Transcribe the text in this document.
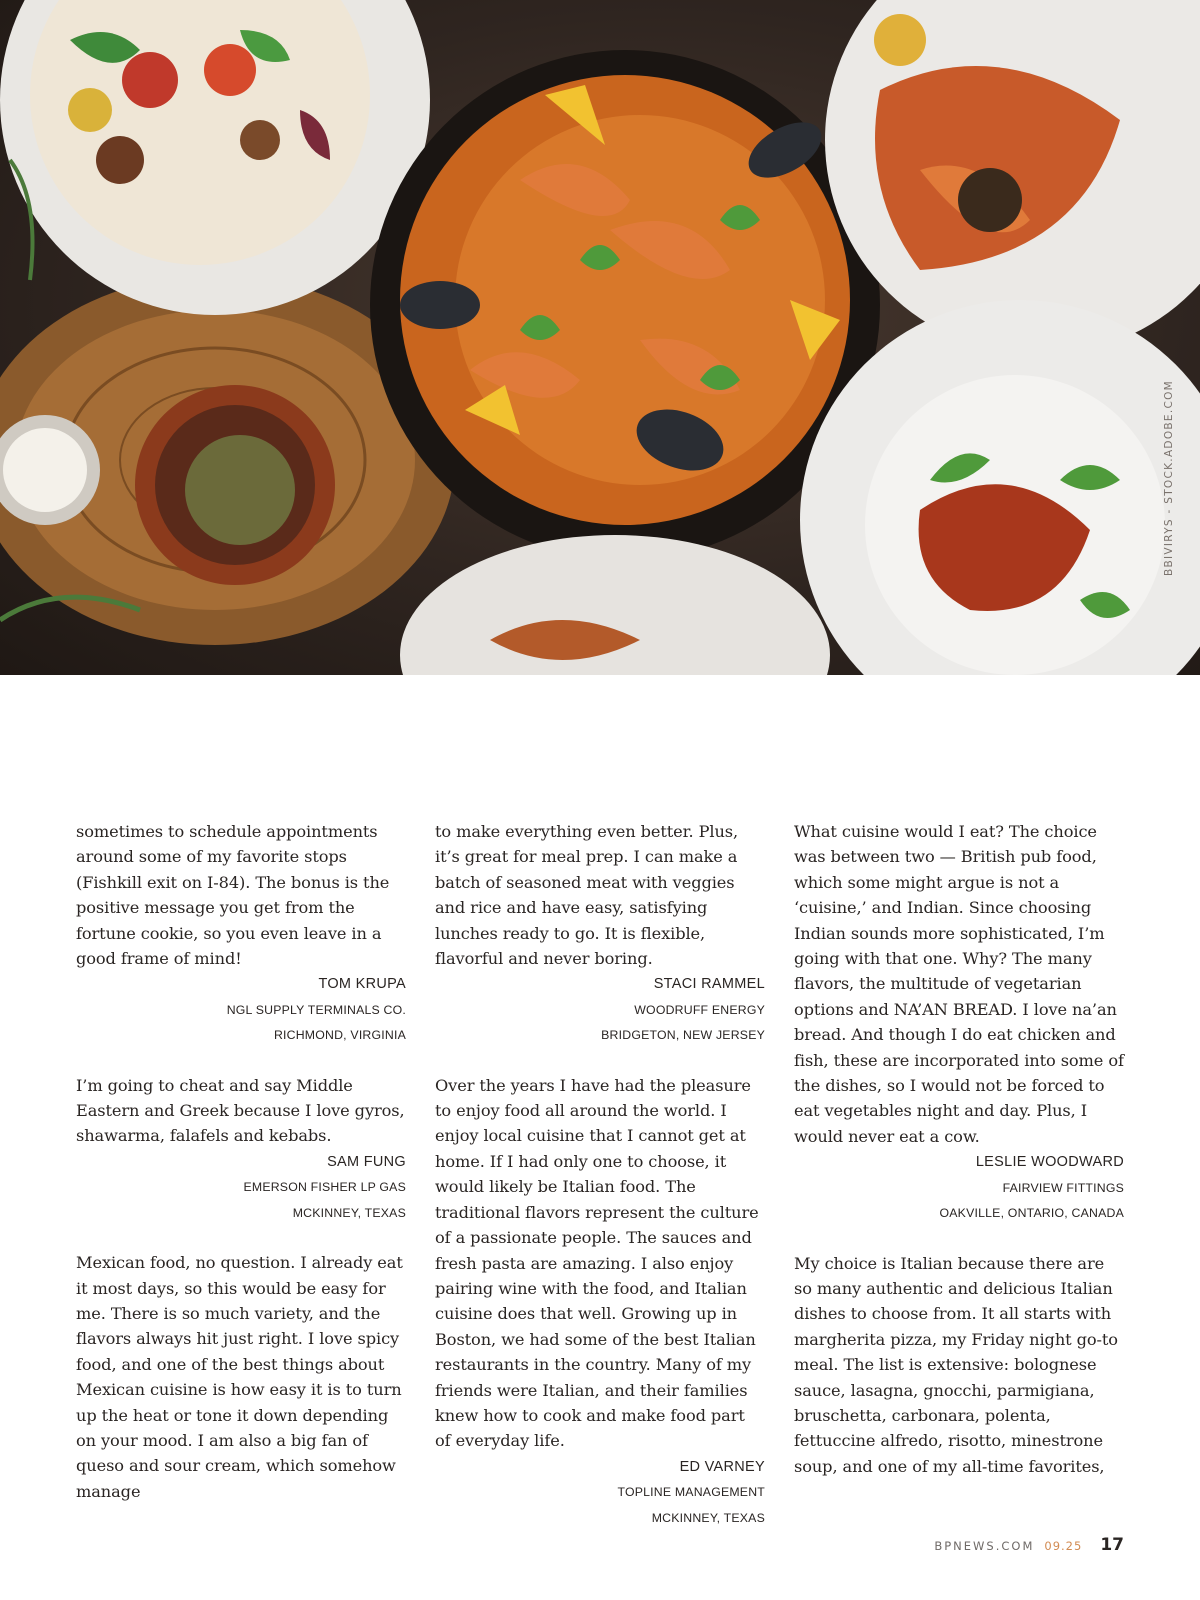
BBIVIRYS - STOCK.ADOBE.COM

sometimes to schedule appointments around some of my favorite stops (Fishkill exit on I-84). The bonus is the positive message you get from the fortune cookie, so you even leave in a good frame of mind!

TOM KRUPA
NGL SUPPLY TERMINALS CO.
RICHMOND, VIRGINIA

I’m going to cheat and say Middle Eastern and Greek because I love gyros, shawarma, falafels and kebabs.

SAM FUNG
EMERSON FISHER LP GAS
MCKINNEY, TEXAS

Mexican food, no question. I already eat it most days, so this would be easy for me. There is so much variety, and the flavors always hit just right. I love spicy food, and one of the best things about Mexican cuisine is how easy it is to turn up the heat or tone it down depending on your mood. I am also a big fan of queso and sour cream, which somehow manage

to make everything even better. Plus, it’s great for meal prep. I can make a batch of seasoned meat with veggies and rice and have easy, satisfying lunches ready to go. It is flexible, flavorful and never boring.

STACI RAMMEL
WOODRUFF ENERGY
BRIDGETON, NEW JERSEY

Over the years I have had the pleasure to enjoy food all around the world. I enjoy local cuisine that I cannot get at home. If I had only one to choose, it would likely be Italian food. The traditional flavors represent the culture of a passionate people. The sauces and fresh pasta are amazing. I also enjoy pairing wine with the food, and Italian cuisine does that well. Growing up in Boston, we had some of the best Italian restaurants in the country. Many of my friends were Italian, and their families knew how to cook and make food part of everyday life.

ED VARNEY
TOPLINE MANAGEMENT
MCKINNEY, TEXAS

What cuisine would I eat? The choice was between two — British pub food, which some might argue is not a ‘cuisine,’ and Indian. Since choosing Indian sounds more sophisticated, I’m going with that one. Why? The many flavors, the multitude of vegetarian options and NA’AN BREAD. I love na’an bread. And though I do eat chicken and fish, these are incorporated into some of the dishes, so I would not be forced to eat vegetables night and day. Plus, I would never eat a cow.

LESLIE WOODWARD
FAIRVIEW FITTINGS
OAKVILLE, ONTARIO, CANADA

My choice is Italian because there are so many authentic and delicious Italian dishes to choose from. It all starts with margherita pizza, my Friday night go-to meal. The list is extensive: bolognese sauce, lasagna, gnocchi, parmigiana, bruschetta, carbonara, polenta, fettuccine alfredo, risotto, minestrone soup, and one of my all-time favorites,

BPNEWS.COM 09.25 17
